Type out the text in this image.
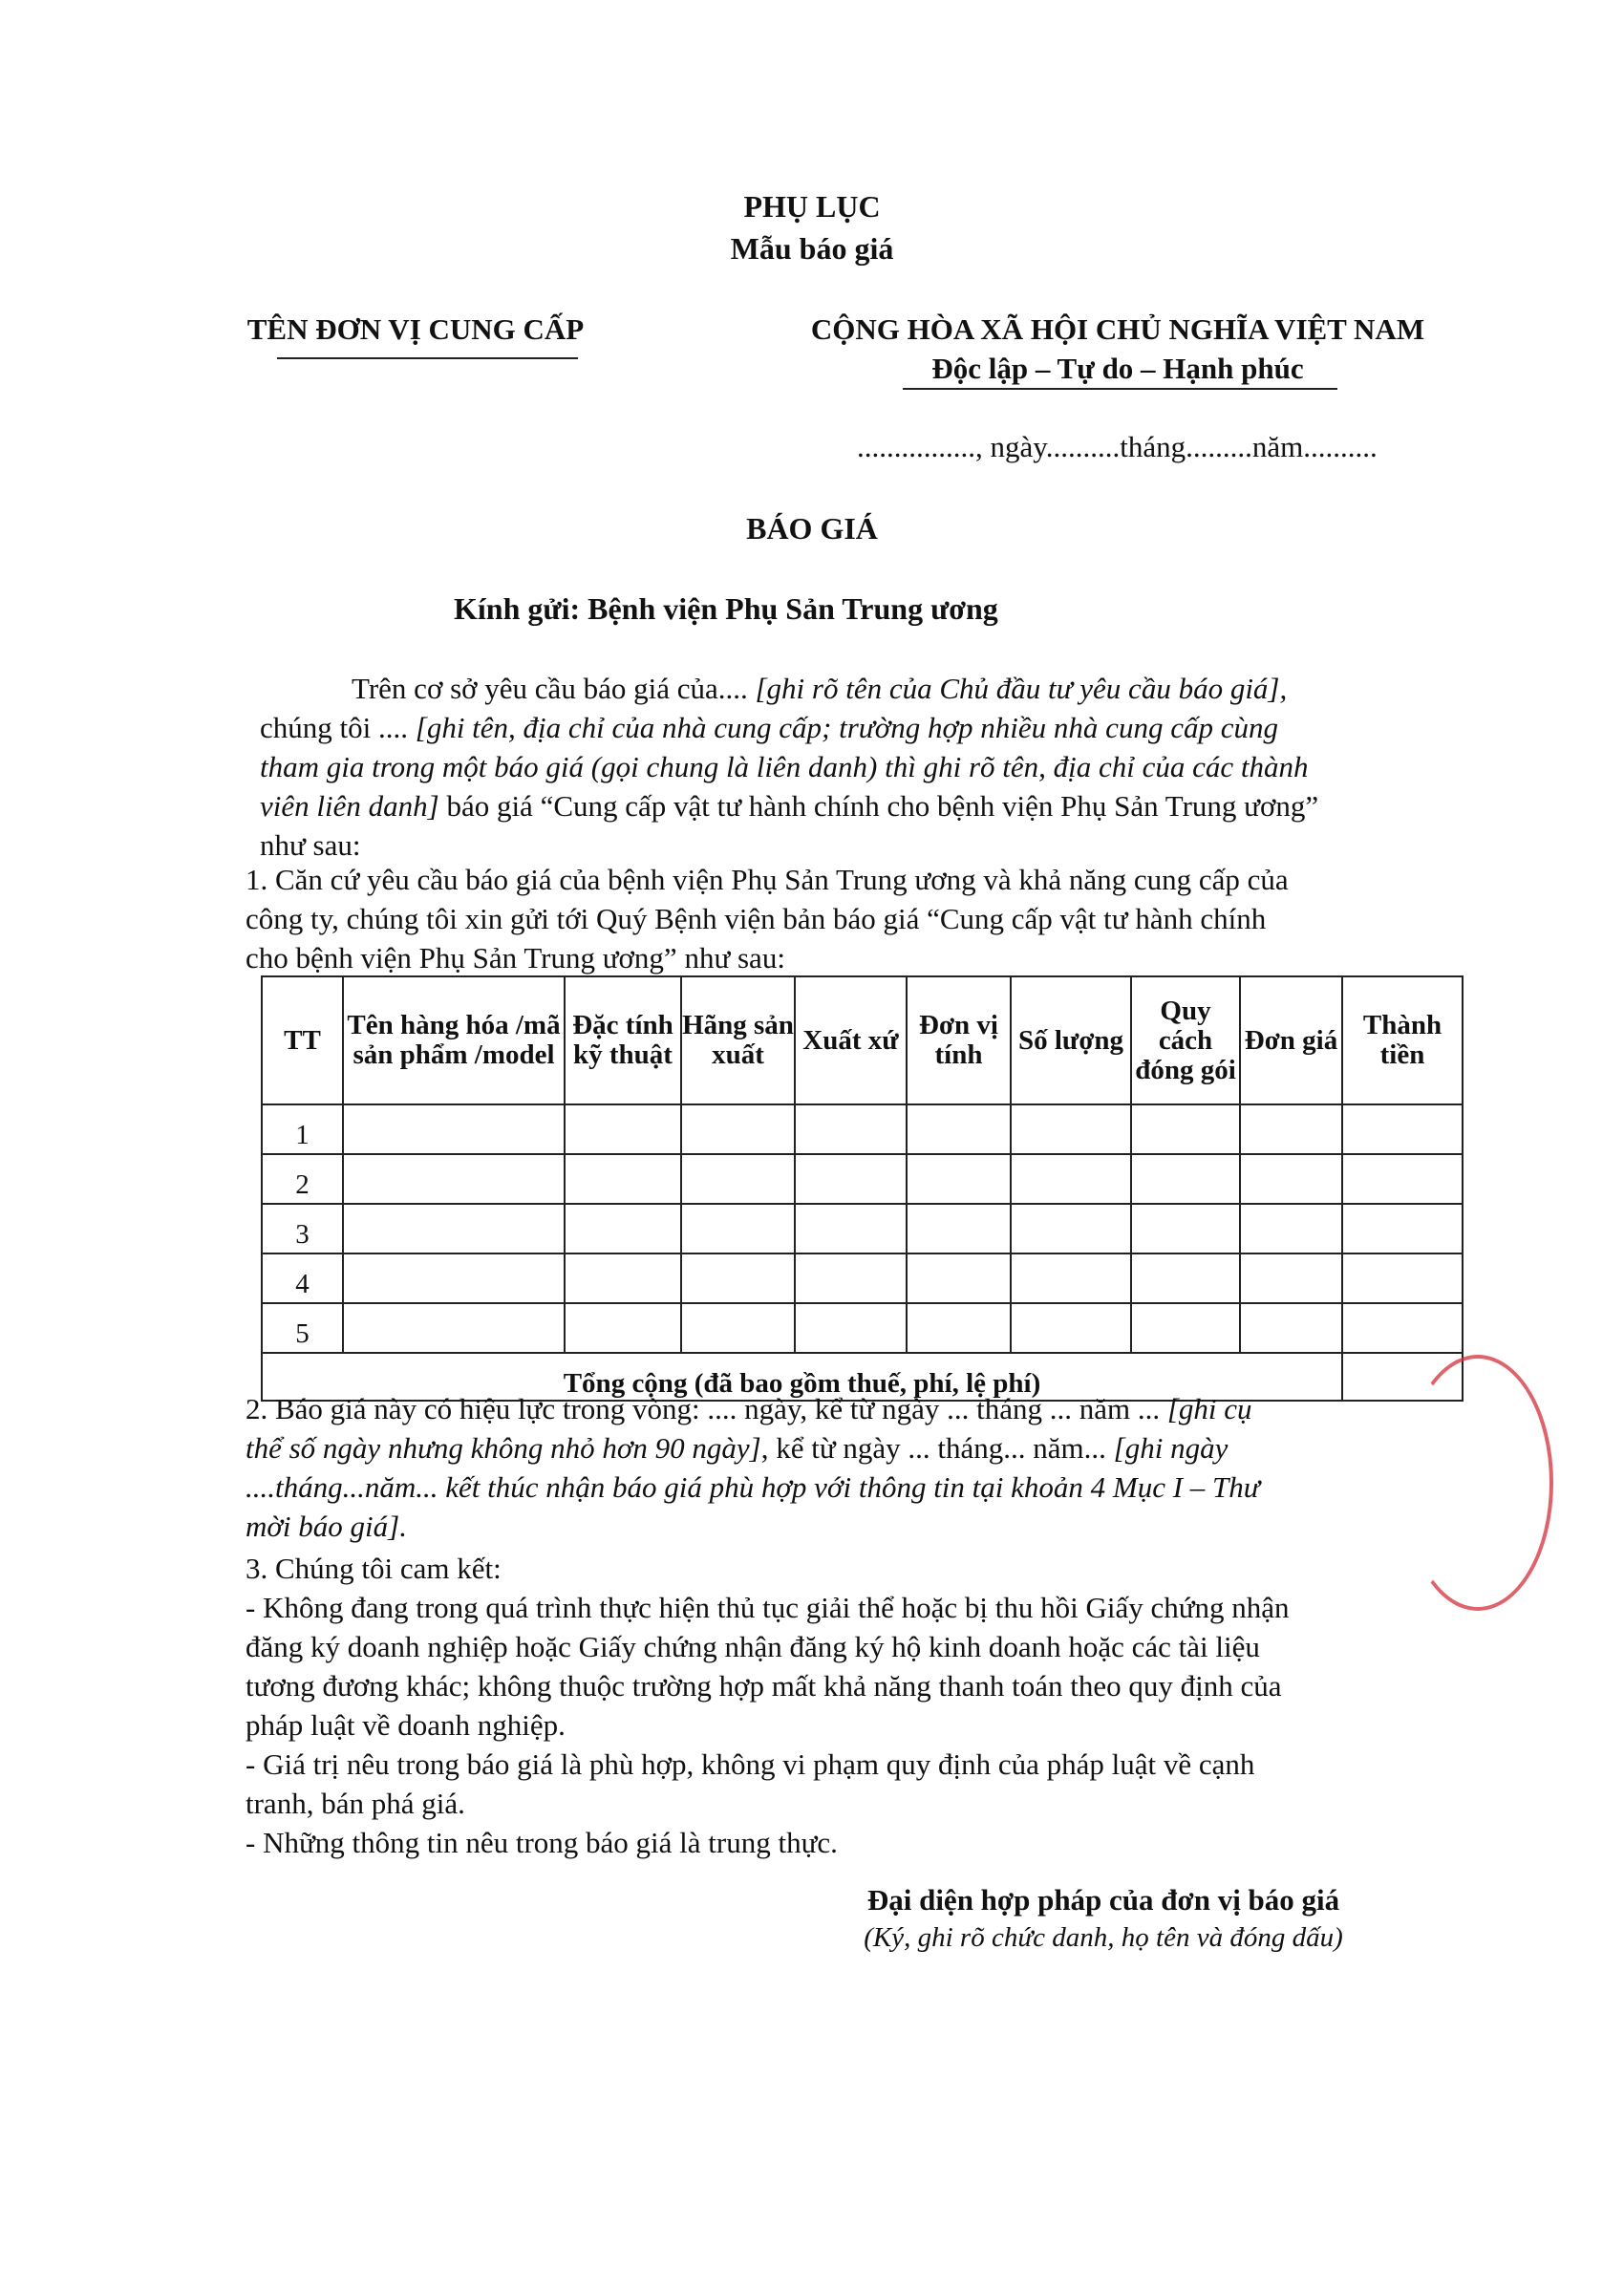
PHỤ LỤC
Mẫu báo giá
TÊN ĐƠN VỊ CUNG CẤP	CỘNG HÒA XÃ HỘI CHỦ NGHĨA VIỆT NAM
Độc lập – Tự do – Hạnh phúc
................, ngày..........tháng.........năm..........
BÁO GIÁ
Kính gửi: Bệnh viện Phụ Sản Trung ương
Trên cơ sở yêu cầu báo giá của.... [ghi rõ tên của Chủ đầu tư yêu cầu báo giá],
chúng tôi .... [ghi tên, địa chỉ của nhà cung cấp; trường hợp nhiều nhà cung cấp cùng
tham gia trong một báo giá (gọi chung là liên danh) thì ghi rõ tên, địa chỉ của các thành
viên liên danh] báo giá “Cung cấp vật tư hành chính cho bệnh viện Phụ Sản Trung ương”
như sau:
1. Căn cứ yêu cầu báo giá của bệnh viện Phụ Sản Trung ương và khả năng cung cấp của
công ty, chúng tôi xin gửi tới Quý Bệnh viện bản báo giá “Cung cấp vật tư hành chính
cho bệnh viện Phụ Sản Trung ương” như sau:
TT	Tên hàng hóa /mã sản phẩm /model	Đặc tính kỹ thuật	Hãng sản xuất	Xuất xứ	Đơn vị tính	Số lượng	Quy cách đóng gói	Đơn giá	Thành tiền
1									
2									
3									
4									
5									
Tổng cộng (đã bao gồm thuế, phí, lệ phí)									
2. Báo giá này có hiệu lực trong vòng: .... ngày, kể từ ngày ... tháng ... năm ... [ghi cụ
thể số ngày nhưng không nhỏ hơn 90 ngày], kể từ ngày ... tháng... năm... [ghi ngày
....tháng...năm... kết thúc nhận báo giá phù hợp với thông tin tại khoản 4 Mục I – Thư
mời báo giá].
3. Chúng tôi cam kết:
- Không đang trong quá trình thực hiện thủ tục giải thể hoặc bị thu hồi Giấy chứng nhận
đăng ký doanh nghiệp hoặc Giấy chứng nhận đăng ký hộ kinh doanh hoặc các tài liệu
tương đương khác; không thuộc trường hợp mất khả năng thanh toán theo quy định của
pháp luật về doanh nghiệp.
- Giá trị nêu trong báo giá là phù hợp, không vi phạm quy định của pháp luật về cạnh
tranh, bán phá giá.
- Những thông tin nêu trong báo giá là trung thực.
Đại diện hợp pháp của đơn vị báo giá
(Ký, ghi rõ chức danh, họ tên và đóng dấu)
